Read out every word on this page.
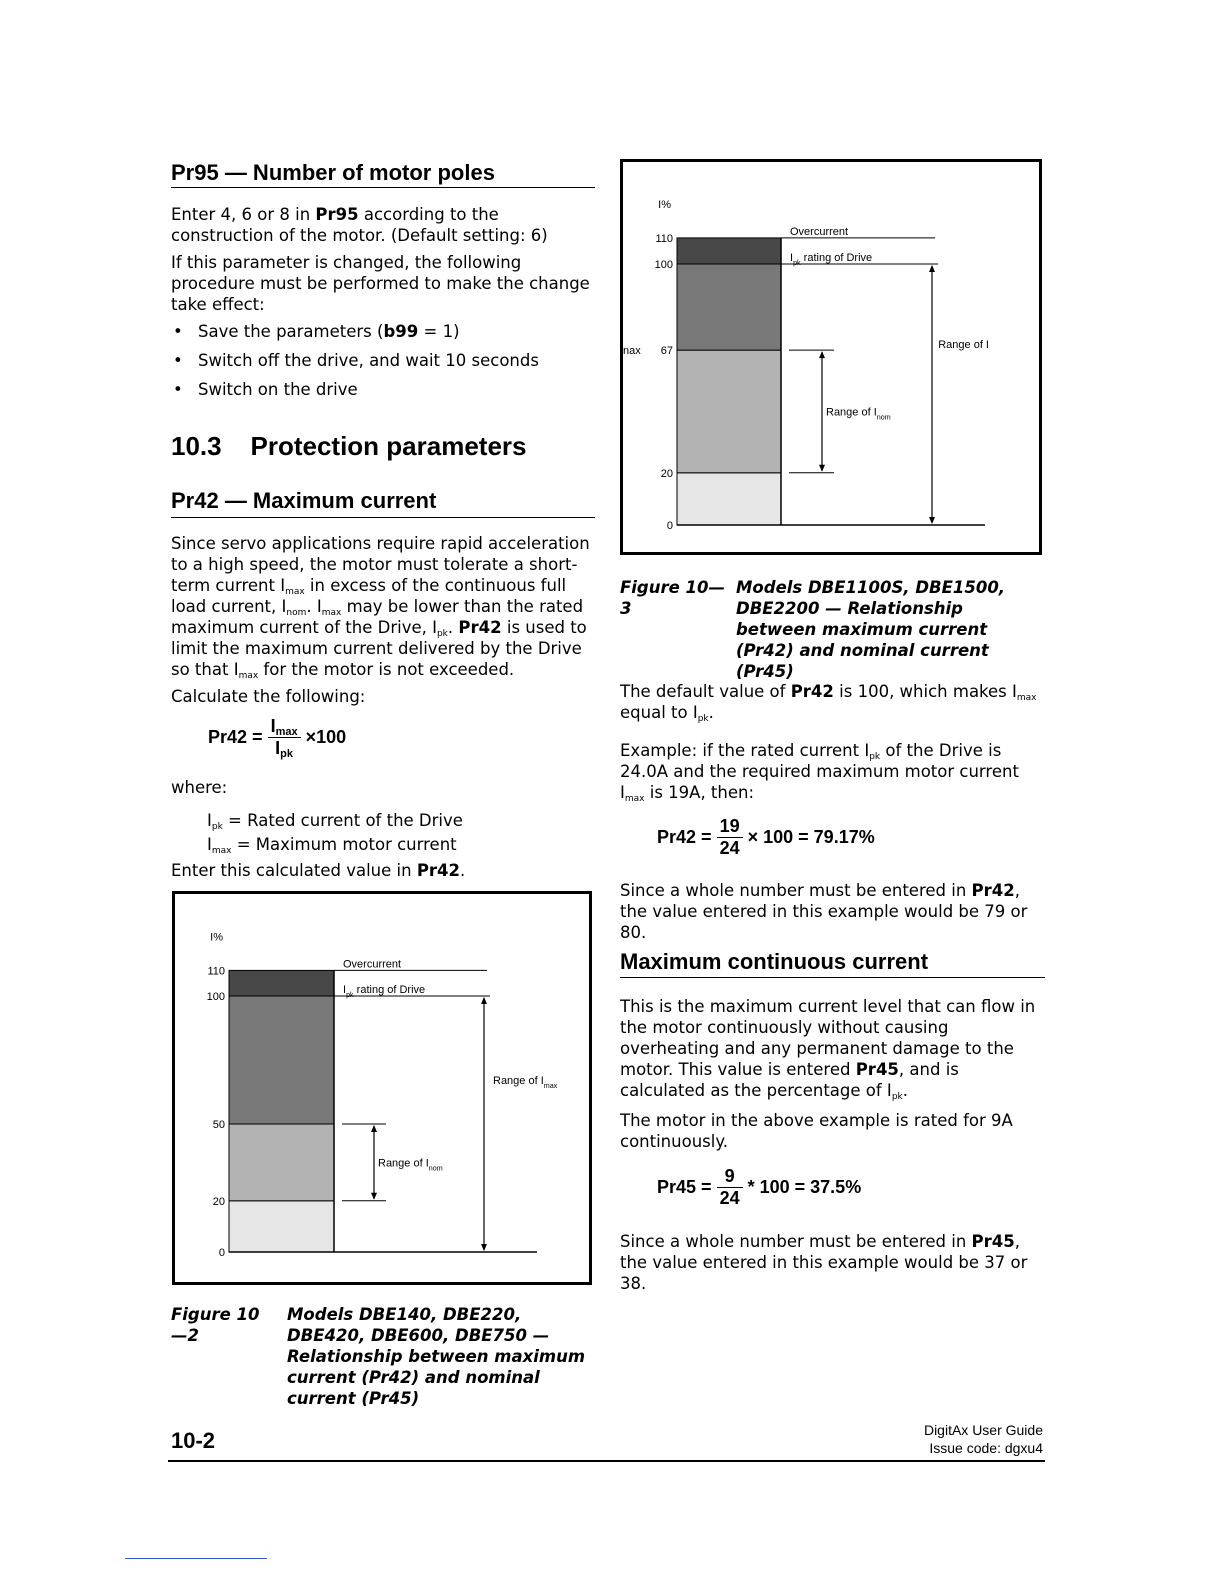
Pr95 — Number of motor poles

Enter 4, 6 or 8 in Pr95 according to the construction of the motor. (Default setting: 6)

If this parameter is changed, the following procedure must be performed to make the change take effect:

• Save the parameters (b99 = 1)
• Switch off the drive, and wait 10 seconds
• Switch on the drive
10.3    Protection parameters
Pr42 — Maximum current

Since servo applications require rapid acceleration to a high speed, the motor must tolerate a short-term current $I_{max}$ in excess of the continuous full load current, $I_{nom}$. $I_{max}$ may be lower than the rated maximum current of the Drive, $I_{pk}$. Pr42 is used to limit the maximum current delivered by the Drive so that $I_{max}$ for the motor is not exceeded.

Calculate the following:

$Pr42 = \frac{I_{max}}{I_{pk}} \times 100$

where:

$I_{pk}$ = Rated current of the Drive
$I_{max}$ = Maximum motor current
Enter this calculated value in Pr42.
110
100
50
20
0
I%
Overcurrent
$I_{pk}$ rating of Drive
Range of $I_{max}$
Range of $I_{nom}$
Figure 10—2
Models DBE140, DBE220, DBE420, DBE600, DBE750 — Relationship between maximum current (Pr42) and nominal current (Pr45)
110
100
67
20
0
I%
Overcurrent
$I_{pk}$ rating of Drive
Range of I
Range of $I_{nom}$
nax
Figure 10—3
Models DBE1100S, DBE1500, DBE2200 — Relationship between maximum current (Pr42) and nominal current (Pr45)

The default value of Pr42 is 100, which makes $I_{max}$ equal to $I_{pk}$.

Example: if the rated current $I_{pk}$ of the Drive is 24.0A and the required maximum motor current $I_{max}$ is 19A, then:

$Pr42 = \frac{19}{24} \times 100 = 79.17\%$
Since a whole number must be entered in Pr42, the value entered in this example would be 79 or 80.
Maximum continuous current

This is the maximum current level that can flow in the motor continuously without causing overheating and any permanent damage to the motor. This value is entered Pr45, and is calculated as the percentage of $I_{pk}$.

The motor in the above example is rated for 9A continuously.

$Pr45 = \frac{9}{24} * 100 = 37.5\%$
Since a whole number must be entered in Pr45, the value entered in this example would be 37 or 38.
10-2	DigitAx User Guide
Issue code: dgxu4
